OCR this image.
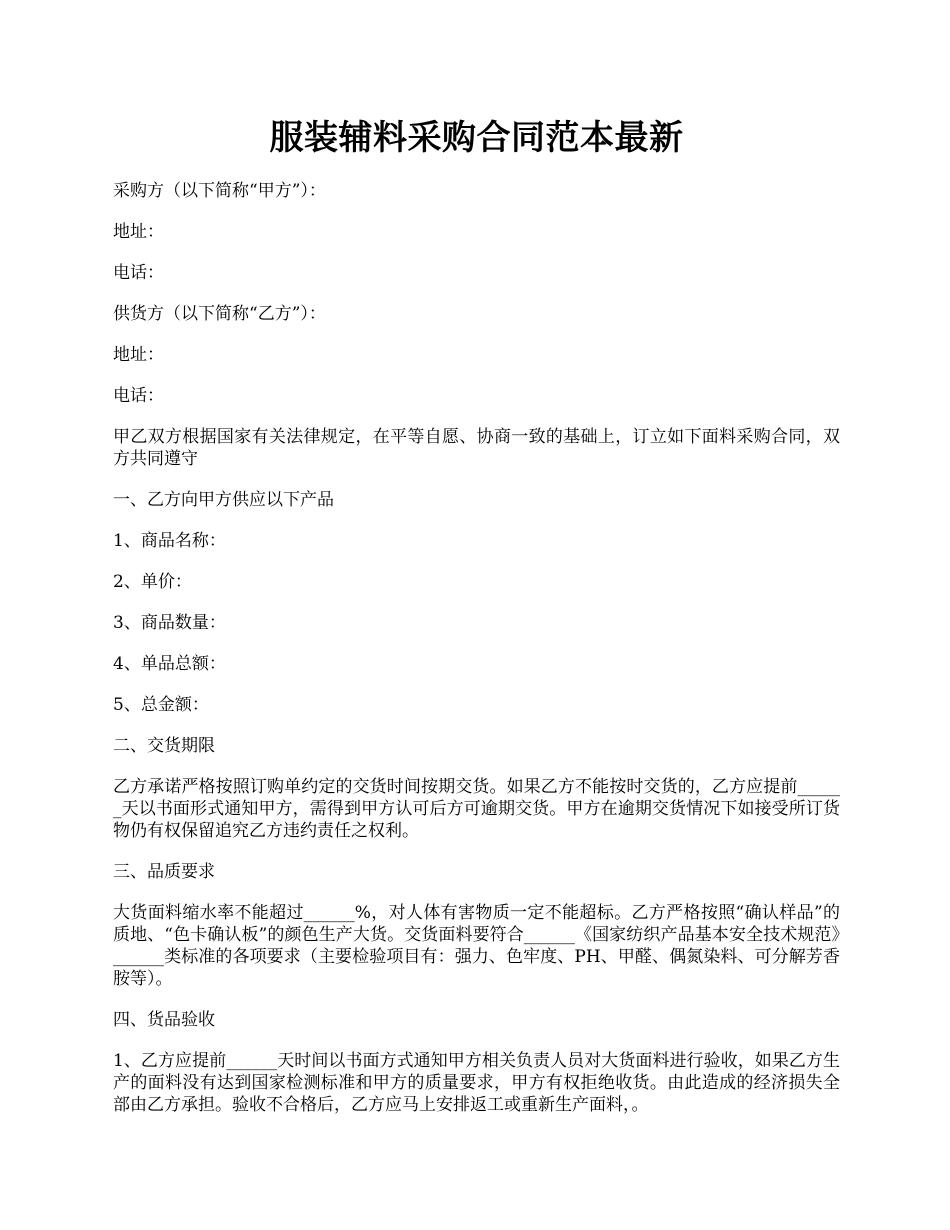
服装辅料采购合同范本最新

采购方（以下简称“甲方”）：

地址：

电话：

供货方（以下简称“乙方”）：

地址：

电话：

甲乙双方根据国家有关法律规定，在平等自愿、协商一致的基础上，订立如下面料采购合同，双方共同遵守

一、乙方向甲方供应以下产品

1、商品名称：

2、单价：

3、商品数量：

4、单品总额：

5、总金额：

二、交货期限

乙方承诺严格按照订购单约定的交货时间按期交货。如果乙方不能按时交货的，乙方应提前______天以书面形式通知甲方，需得到甲方认可后方可逾期交货。甲方在逾期交货情况下如接受所订货物仍有权保留追究乙方违约责任之权利。

三、品质要求

大货面料缩水率不能超过______%，对人体有害物质一定不能超标。乙方严格按照“确认样品”的质地、“色卡确认板”的颜色生产大货。交货面料要符合______《国家纺织产品基本安全技术规范》______类标准的各项要求（主要检验项目有：强力、色牢度、PH、甲醛、偶氮染料、可分解芳香胺等）。

四、货品验收

1、乙方应提前______天时间以书面方式通知甲方相关负责人员对大货面料进行验收，如果乙方生产的面料没有达到国家检测标准和甲方的质量要求，甲方有权拒绝收货。由此造成的经济损失全部由乙方承担。验收不合格后，乙方应马上安排返工或重新生产面料，。
